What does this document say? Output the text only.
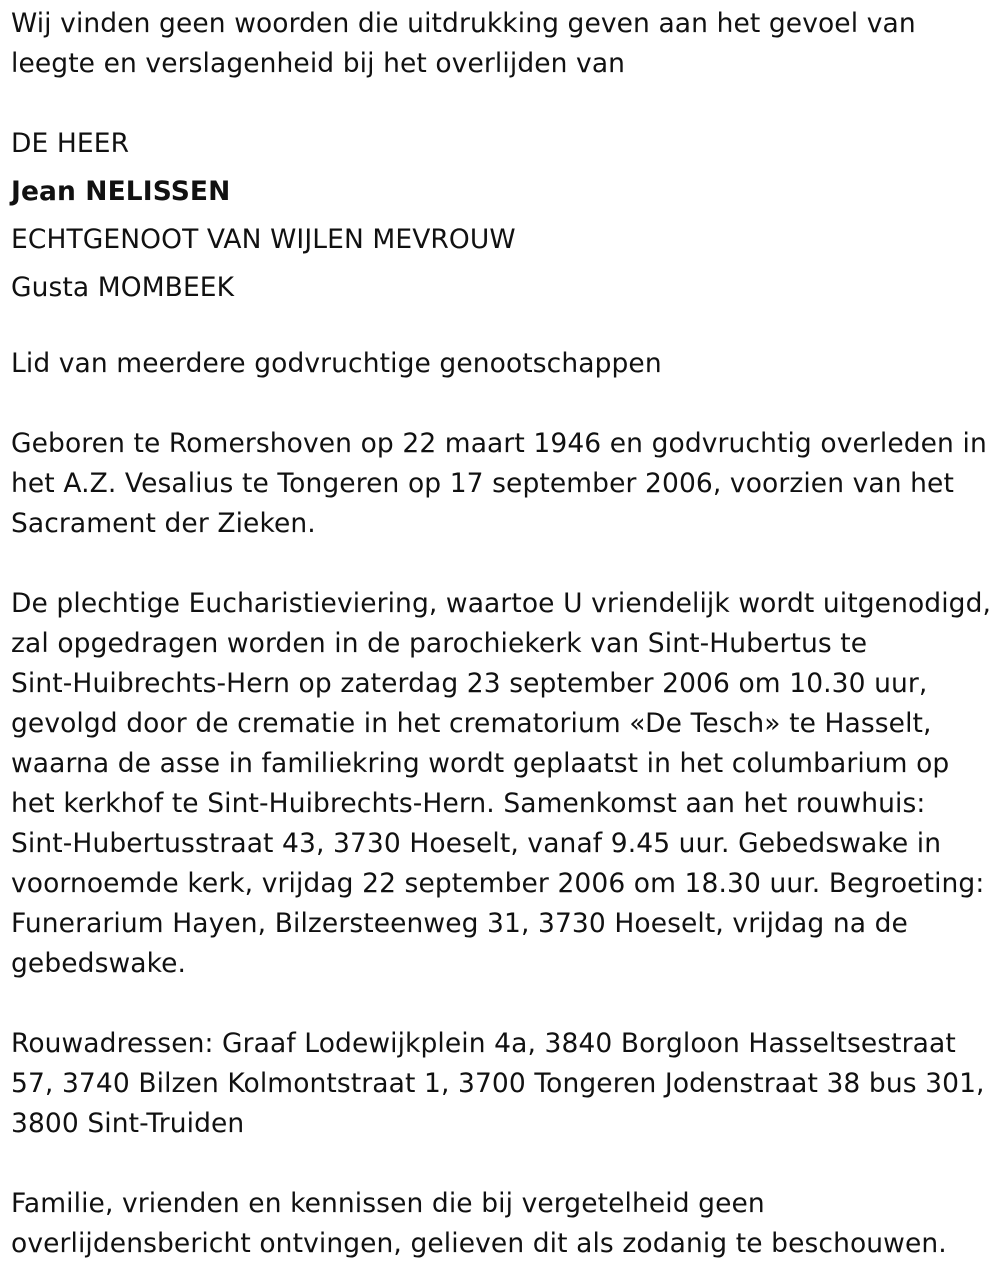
Wij vinden geen woorden die uitdrukking geven aan het gevoel van
leegte en verslagenheid bij het overlijden van

DE HEER
Jean NELISSEN
ECHTGENOOT VAN WIJLEN MEVROUW
Gusta MOMBEEK

Lid van meerdere godvruchtige genootschappen

Geboren te Romershoven op 22 maart 1946 en godvruchtig overleden in
het A.Z. Vesalius te Tongeren op 17 september 2006, voorzien van het
Sacrament der Zieken.

De plechtige Eucharistieviering, waartoe U vriendelijk wordt uitgenodigd,
zal opgedragen worden in de parochiekerk van Sint-Hubertus te
Sint-Huibrechts-Hern op zaterdag 23 september 2006 om 10.30 uur,
gevolgd door de crematie in het crematorium «De Tesch» te Hasselt,
waarna de asse in familiekring wordt geplaatst in het columbarium op
het kerkhof te Sint-Huibrechts-Hern. Samenkomst aan het rouwhuis:
Sint-Hubertusstraat 43, 3730 Hoeselt, vanaf 9.45 uur. Gebedswake in
voornoemde kerk, vrijdag 22 september 2006 om 18.30 uur. Begroeting:
Funerarium Hayen, Bilzersteenweg 31, 3730 Hoeselt, vrijdag na de
gebedswake.

Rouwadressen: Graaf Lodewijkplein 4a, 3840 Borgloon Hasseltsestraat
57, 3740 Bilzen Kolmontstraat 1, 3700 Tongeren Jodenstraat 38 bus 301,
3800 Sint-Truiden

Familie, vrienden en kennissen die bij vergetelheid geen
overlijdensbericht ontvingen, gelieven dit als zodanig te beschouwen.
